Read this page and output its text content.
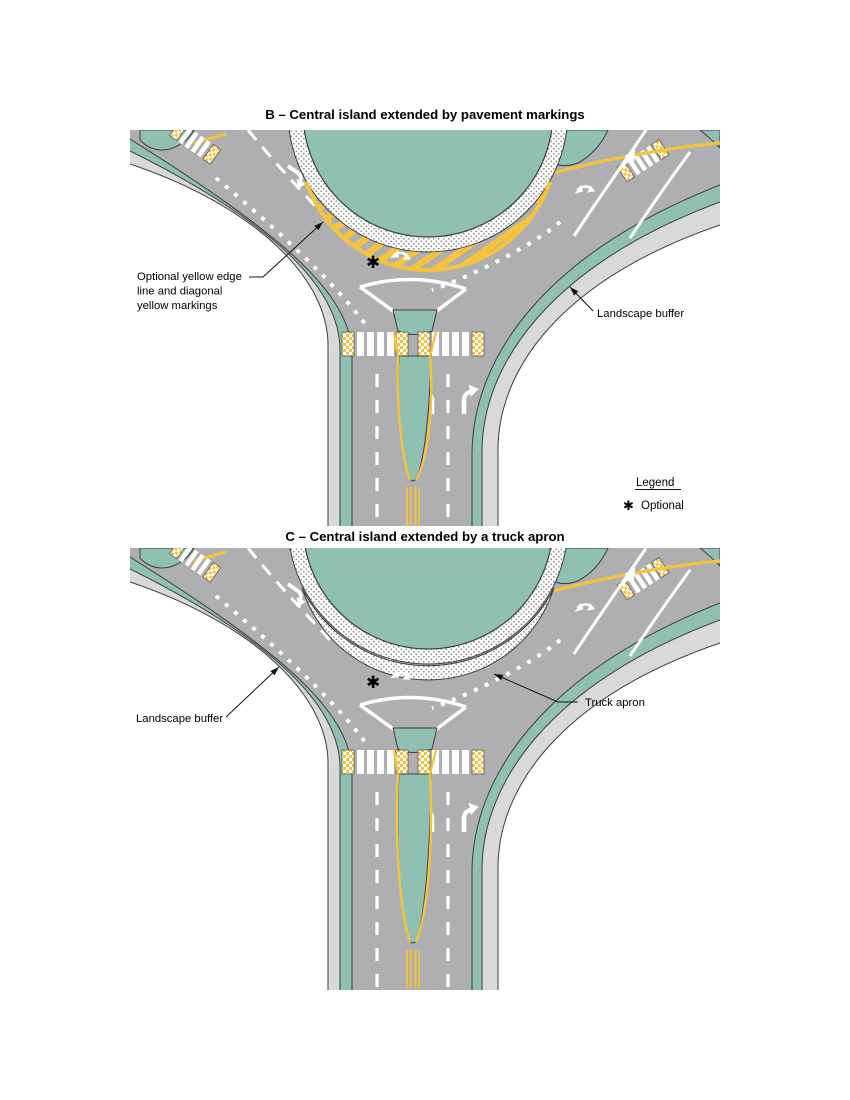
B – Central island extended by pavement markings
C – Central island extended by a truck apron
✱
Optional yellow edge
line and diagonal
yellow markings
Landscape buffer
Legend
✱ Optional
✱
Landscape buffer
Truck apron
